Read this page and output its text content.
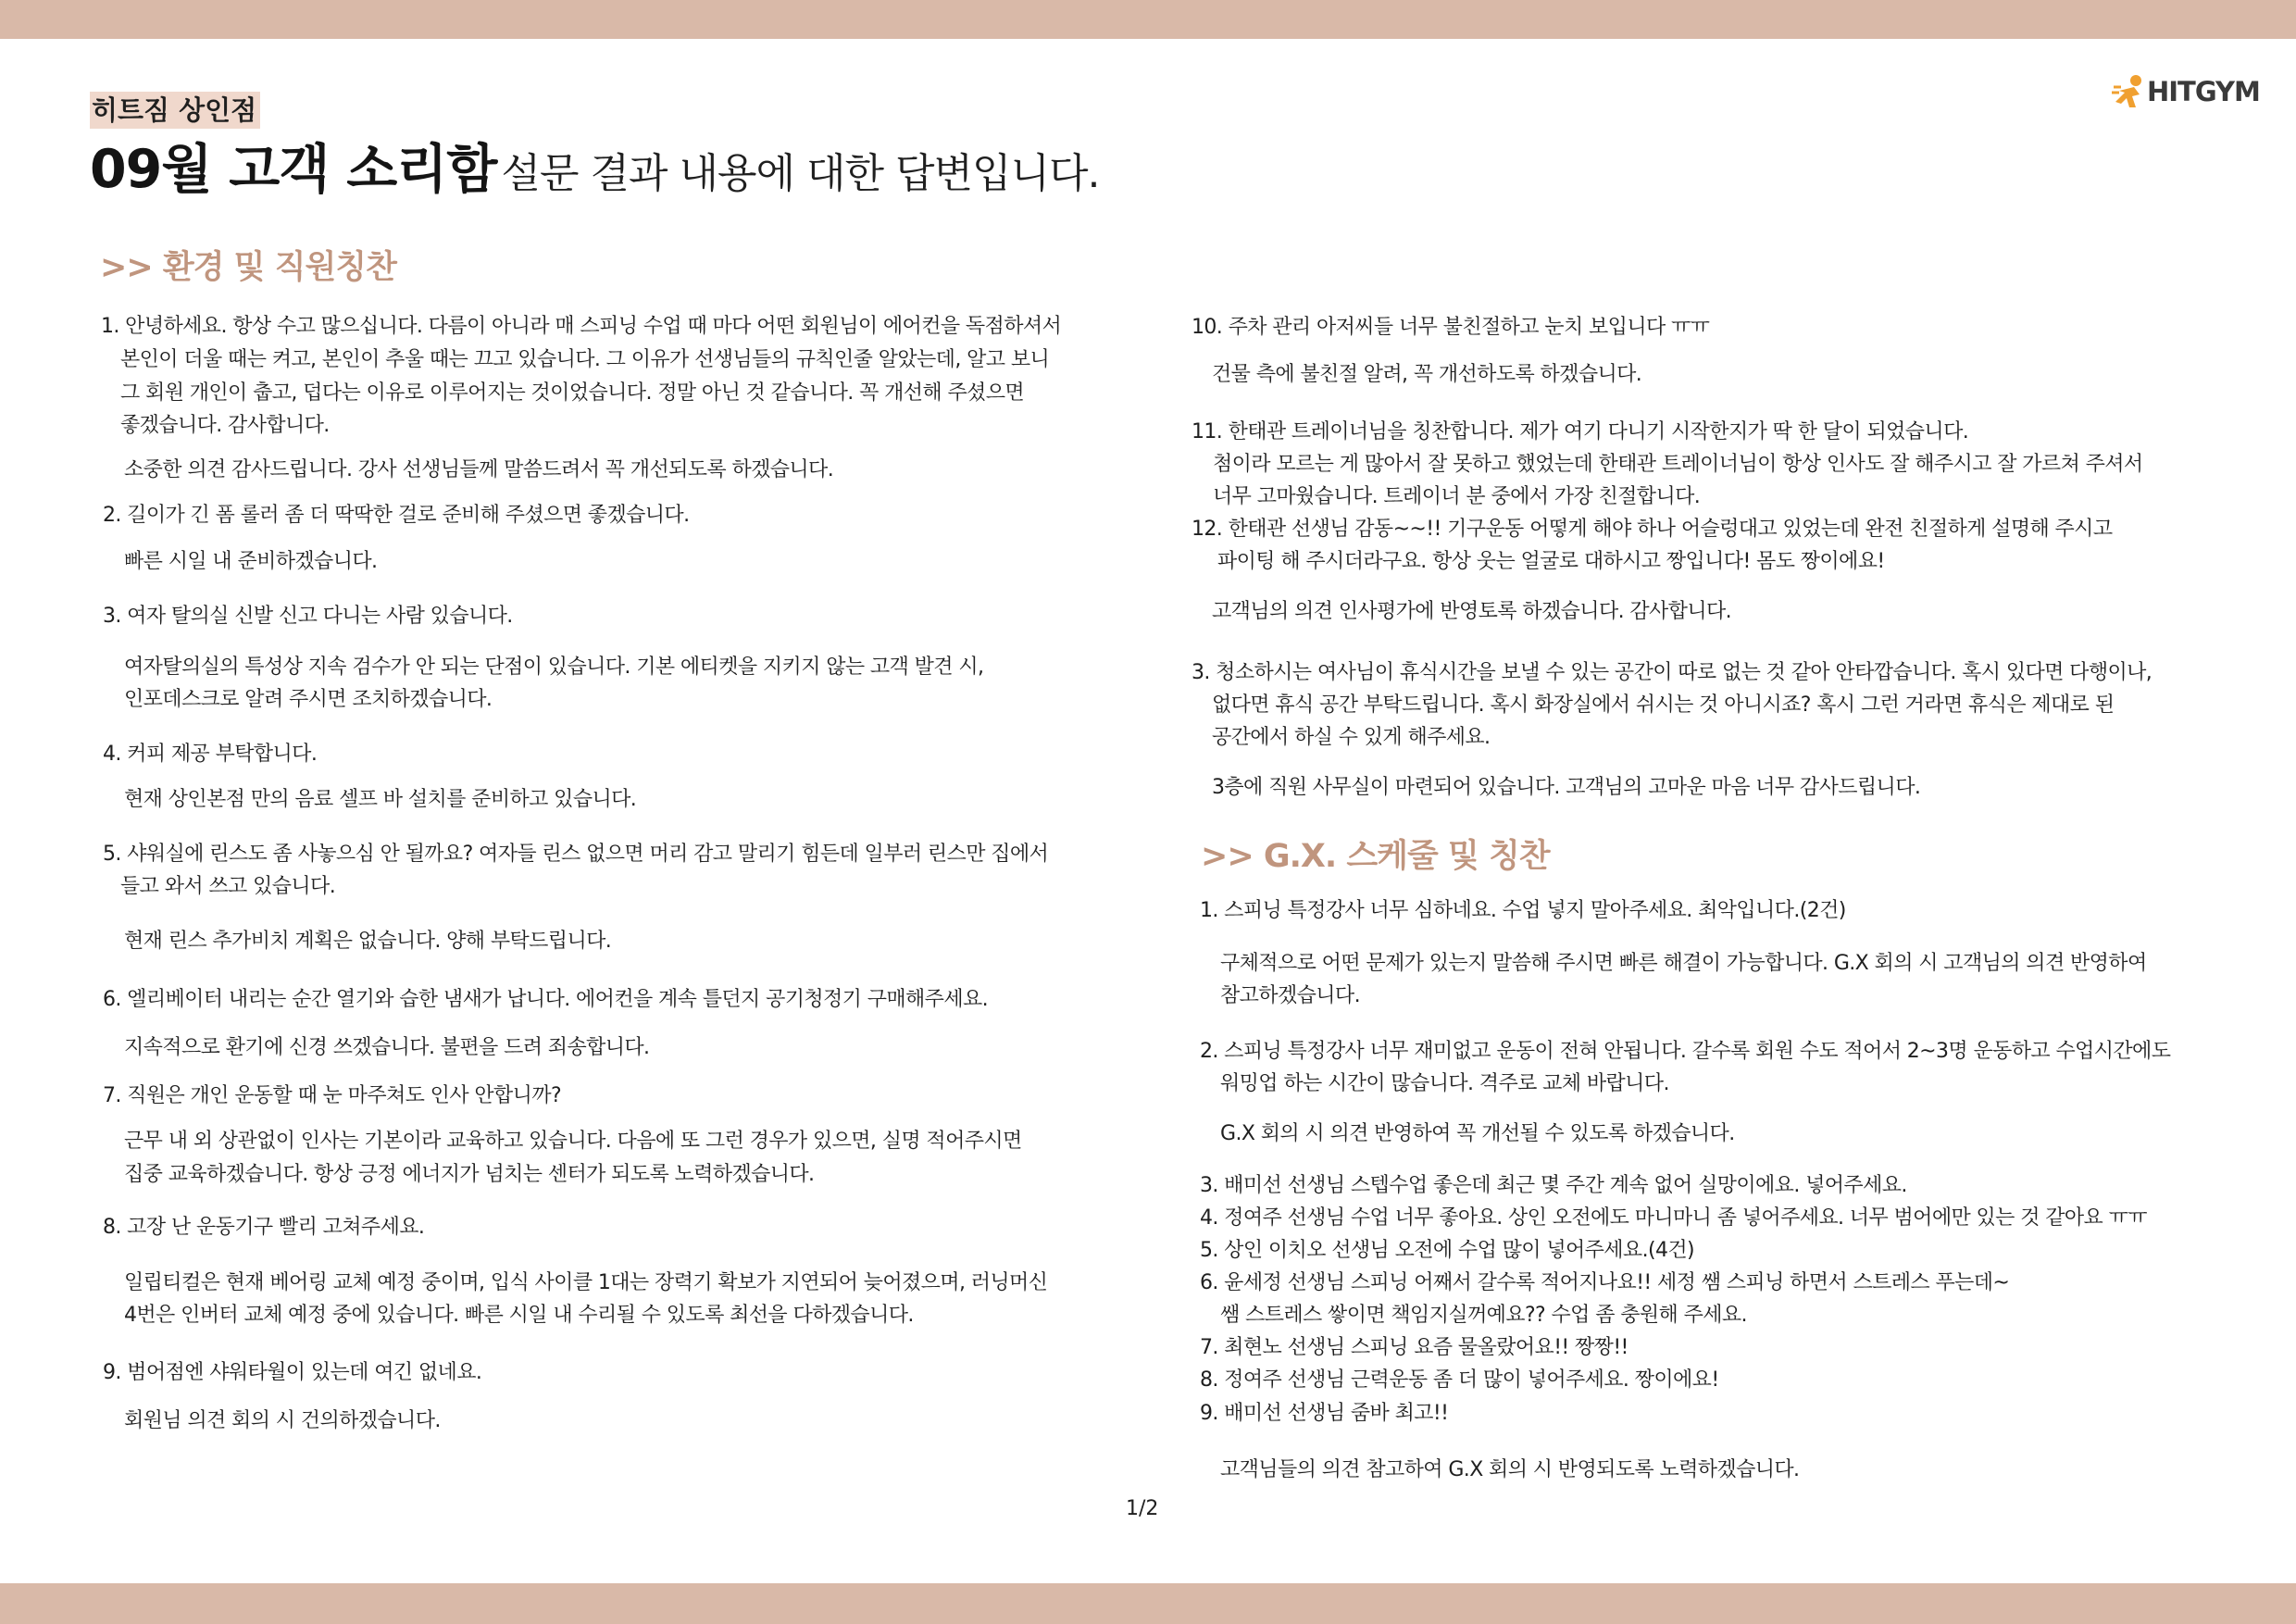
히트짐 상인점
09월 고객 소리함 설문 결과 내용에 대한 답변입니다.
HITGYM
>> 환경 및 직원칭찬
>> G.X. 스케줄 및 칭찬
1. 안녕하세요. 항상 수고 많으십니다. 다름이 아니라 매 스피닝 수업 때 마다 어떤 회원님이 에어컨을 독점하셔서
본인이 더울 때는 켜고, 본인이 추울 때는 끄고 있습니다. 그 이유가 선생님들의 규칙인줄 알았는데, 알고 보니
그 회원 개인이 춥고, 덥다는 이유로 이루어지는 것이었습니다. 정말 아닌 것 같습니다. 꼭 개선해 주셨으면
좋겠습니다. 감사합니다.
소중한 의견 감사드립니다. 강사 선생님들께 말씀드려서 꼭 개선되도록 하겠습니다.
2. 길이가 긴 폼 롤러 좀 더 딱딱한 걸로 준비해 주셨으면 좋겠습니다.
빠른 시일 내 준비하겠습니다.
3. 여자 탈의실 신발 신고 다니는 사람 있습니다.
여자탈의실의 특성상 지속 검수가 안 되는 단점이 있습니다. 기본 에티켓을 지키지 않는 고객 발견 시,
인포데스크로 알려 주시면 조치하겠습니다.
4. 커피 제공 부탁합니다.
현재 상인본점 만의 음료 셀프 바 설치를 준비하고 있습니다.
5. 샤워실에 린스도 좀 사놓으심 안 될까요? 여자들 린스 없으면 머리 감고 말리기 힘든데 일부러 린스만 집에서
들고 와서 쓰고 있습니다.
현재 린스 추가비치 계획은 없습니다. 양해 부탁드립니다.
6. 엘리베이터 내리는 순간 열기와 습한 냄새가 납니다. 에어컨을 계속 틀던지 공기청정기 구매해주세요.
지속적으로 환기에 신경 쓰겠습니다. 불편을 드려 죄송합니다.
7. 직원은 개인 운동할 때 눈 마주쳐도 인사 안합니까?
근무 내 외 상관없이 인사는 기본이라 교육하고 있습니다. 다음에 또 그런 경우가 있으면, 실명 적어주시면
집중 교육하겠습니다. 항상 긍정 에너지가 넘치는 센터가 되도록 노력하겠습니다.
8. 고장 난 운동기구 빨리 고쳐주세요.
일립티컬은 현재 베어링 교체 예정 중이며, 입식 사이클 1대는 장력기 확보가 지연되어 늦어졌으며, 러닝머신
4번은 인버터 교체 예정 중에 있습니다. 빠른 시일 내 수리될 수 있도록 최선을 다하겠습니다.
9. 범어점엔 샤워타월이 있는데 여긴 없네요.
회원님 의견 회의 시 건의하겠습니다.
10. 주차 관리 아저씨들 너무 불친절하고 눈치 보입니다 ㅠㅠ
건물 측에 불친절 알려, 꼭 개선하도록 하겠습니다.
11. 한태관 트레이너님을 칭찬합니다. 제가 여기 다니기 시작한지가 딱 한 달이 되었습니다.
첨이라 모르는 게 많아서 잘 못하고 했었는데 한태관 트레이너님이 항상 인사도 잘 해주시고 잘 가르쳐 주셔서
너무 고마웠습니다. 트레이너 분 중에서 가장 친절합니다.
12. 한태관 선생님 감동~~!! 기구운동 어떻게 해야 하나 어슬렁대고 있었는데 완전 친절하게 설명해 주시고
파이팅 해 주시더라구요. 항상 웃는 얼굴로 대하시고 짱입니다! 몸도 짱이에요!
고객님의 의견 인사평가에 반영토록 하겠습니다. 감사합니다.
3. 청소하시는 여사님이 휴식시간을 보낼 수 있는 공간이 따로 없는 것 같아 안타깝습니다. 혹시 있다면 다행이나,
없다면 휴식 공간 부탁드립니다. 혹시 화장실에서 쉬시는 것 아니시죠? 혹시 그런 거라면 휴식은 제대로 된
공간에서 하실 수 있게 해주세요.
3층에 직원 사무실이 마련되어 있습니다. 고객님의 고마운 마음 너무 감사드립니다.
1. 스피닝 특정강사 너무 심하네요. 수업 넣지 말아주세요. 최악입니다.(2건)
구체적으로 어떤 문제가 있는지 말씀해 주시면 빠른 해결이 가능합니다. G.X 회의 시 고객님의 의견 반영하여
참고하겠습니다.
2. 스피닝 특정강사 너무 재미없고 운동이 전혀 안됩니다. 갈수록 회원 수도 적어서 2~3명 운동하고 수업시간에도
워밍업 하는 시간이 많습니다. 격주로 교체 바랍니다.
G.X 회의 시 의견 반영하여 꼭 개선될 수 있도록 하겠습니다.
3. 배미선 선생님 스텝수업 좋은데 최근 몇 주간 계속 없어 실망이에요. 넣어주세요.
4. 정여주 선생님 수업 너무 좋아요. 상인 오전에도 마니마니 좀 넣어주세요. 너무 범어에만 있는 것 같아요 ㅠㅠ
5. 상인 이치오 선생님 오전에 수업 많이 넣어주세요.(4건)
6. 윤세정 선생님 스피닝 어째서 갈수록 적어지나요!! 세정 쌤 스피닝 하면서 스트레스 푸는데~
쌤 스트레스 쌓이면 책임지실꺼예요?? 수업 좀 충원해 주세요.
7. 최현노 선생님 스피닝 요즘 물올랐어요!! 짱짱!!
8. 정여주 선생님 근력운동 좀 더 많이 넣어주세요. 짱이에요!
9. 배미선 선생님 줌바 최고!!
고객님들의 의견 참고하여 G.X 회의 시 반영되도록 노력하겠습니다.
1/2
